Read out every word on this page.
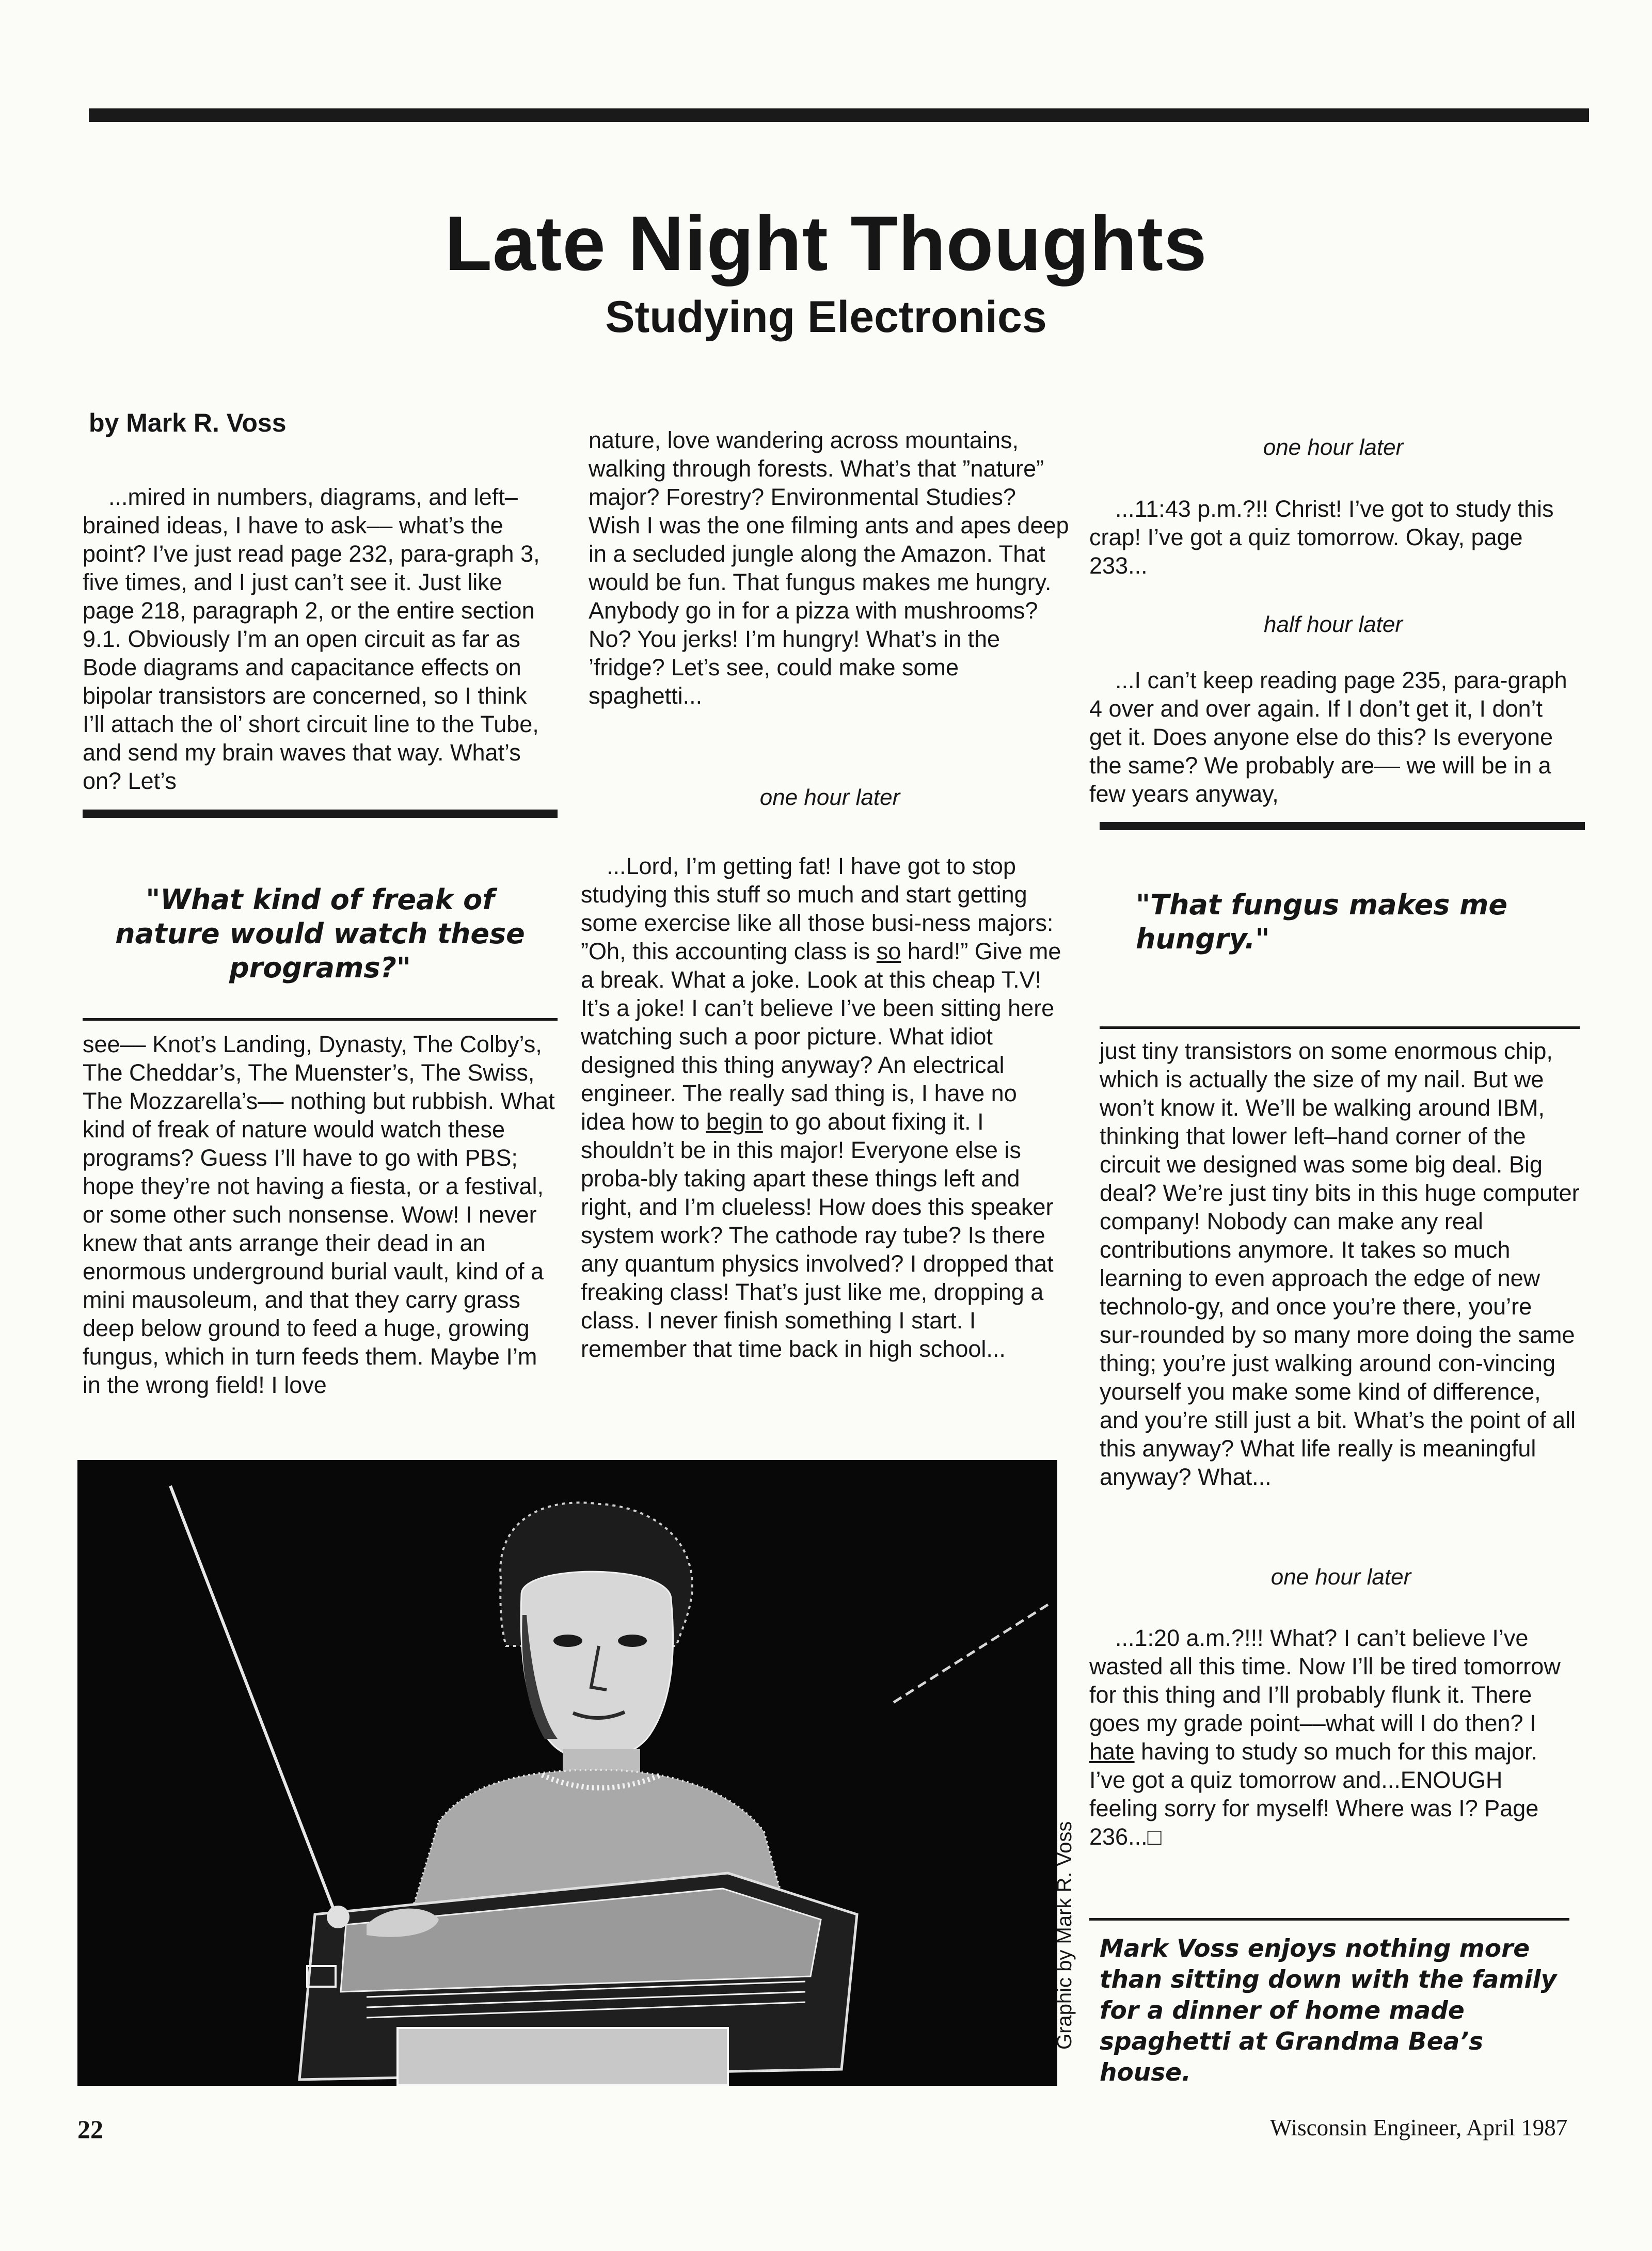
Late Night Thoughts
Studying Electronics
by Mark R. Voss

...mired in numbers, diagrams, and left–brained ideas, I have to ask–– what’s the point? I’ve just read page 232, para‑graph 3, five times, and I just can’t see it. Just like page 218, paragraph 2, or the entire section 9.1. Obviously I’m an open circuit as far as Bode diagrams and capacitance effects on bipolar transistors are concerned, so I think I’ll attach the ol’ short circuit line to the Tube, and send my brain waves that way. What’s on? Let’s

"What kind of freak of nature would watch these programs?"

see–– Knot’s Landing, Dynasty, The Colby’s, The Cheddar’s, The Muenster’s, The Swiss, The Mozzarella’s–– nothing but rubbish. What kind of freak of nature would watch these programs? Guess I’ll have to go with PBS; hope they’re not having a fiesta, or a festival, or some other such nonsense. Wow! I never knew that ants arrange their dead in an enormous underground burial vault, kind of a mini mausoleum, and that they carry grass deep below ground to feed a huge, growing fungus, which in turn feeds them. Maybe I’m in the wrong field! I love

nature, love wandering across mountains, walking through forests. What’s that ”nature” major? Forestry? Environmental Studies? Wish I was the one filming ants and apes deep in a secluded jungle along the Amazon. That would be fun. That fungus makes me hungry. Anybody go in for a pizza with mushrooms? No? You jerks! I’m hungry! What’s in the ’fridge? Let’s see, could make some spaghetti...

one hour later

...Lord, I’m getting fat! I have got to stop studying this stuff so much and start getting some exercise like all those busi‑ness majors: ”Oh, this accounting class is so hard!” Give me a break. What a joke. Look at this cheap T.V! It’s a joke! I can’t believe I’ve been sitting here watching such a poor picture. What idiot designed this thing anyway? An electrical engineer. The really sad thing is, I have no idea how to begin to go about fixing it. I shouldn’t be in this major! Everyone else is proba‑bly taking apart these things left and right, and I’m clueless! How does this speaker system work? The cathode ray tube? Is there any quantum physics involved? I dropped that freaking class! That’s just like me, dropping a class. I never finish something I start. I remember that time back in high school...

one hour later

...11:43 p.m.?!! Christ! I’ve got to study this crap! I’ve got a quiz tomorrow. Okay, page 233...

half hour later

...I can’t keep reading page 235, para‑graph 4 over and over again. If I don’t get it, I don’t get it. Does anyone else do this? Is everyone the same? We probably are–– we will be in a few years anyway,

"That fungus makes me hungry."

just tiny transistors on some enormous chip, which is actually the size of my nail. But we won’t know it. We’ll be walking around IBM, thinking that lower left–hand corner of the circuit we designed was some big deal. Big deal? We’re just tiny bits in this huge computer company! Nobody can make any real contributions anymore. It takes so much learning to even approach the edge of new technolo‑gy, and once you’re there, you’re sur‑rounded by so many more doing the same thing; you’re just walking around con‑vincing yourself you make some kind of difference, and you’re still just a bit. What’s the point of all this anyway? What life really is meaningful anyway? What...

one hour later

...1:20 a.m.?!!! What? I can’t believe I’ve wasted all this time. Now I’ll be tired tomorrow for this thing and I’ll probably flunk it. There goes my grade point––what will I do then? I hate having to study so much for this major. I’ve got a quiz tomorrow and...ENOUGH feeling sorry for myself! Where was I? Page 236...□

Mark Voss enjoys nothing more than sitting down with the family for a dinner of home made spaghetti at Grandma Bea’s house.
Graphic by Mark R. Voss
22	Wisconsin Engineer, April 1987
